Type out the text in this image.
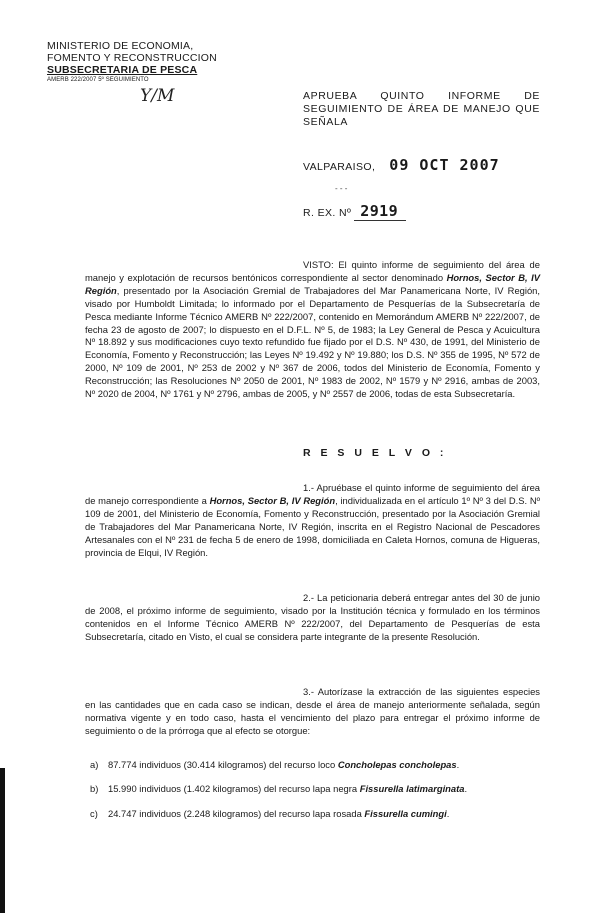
MINISTERIO DE ECONOMIA,
FOMENTO Y RECONSTRUCCION
SUBSECRETARIA DE PESCA
AMERB 222/2007 5º SEGUIMIENTO
Y/M	APRUEBA QUINTO INFORME DE SEGUIMIENTO DE ÁREA DE MANEJO QUE SEÑALA
VALPARAISO, 09 OCT 2007
- - -
R. EX. Nº 2919
VISTO: El quinto informe de seguimiento del área de manejo y explotación de recursos bentónicos correspondiente al sector denominado Hornos, Sector B, IV Región, presentado por la Asociación Gremial de Trabajadores del Mar Panamericana Norte, IV Región, visado por Humboldt Limitada; lo informado por el Departamento de Pesquerías de la Subsecretaría de Pesca mediante Informe Técnico AMERB Nº 222/2007, contenido en Memorándum AMERB Nº 222/2007, de fecha 23 de agosto de 2007; lo dispuesto en el D.F.L. Nº 5, de 1983; la Ley General de Pesca y Acuicultura Nº 18.892 y sus modificaciones cuyo texto refundido fue fijado por el D.S. Nº 430, de 1991, del Ministerio de Economía, Fomento y Reconstrucción; las Leyes Nº 19.492 y Nº 19.880; los D.S. Nº 355 de 1995, Nº 572 de 2000, Nº 109 de 2001, Nº 253 de 2002 y Nº 367 de 2006, todos del Ministerio de Economía, Fomento y Reconstrucción; las Resoluciones Nº 2050 de 2001, Nº 1983 de 2002, Nº 1579 y Nº 2916, ambas de 2003, Nº 2020 de 2004, Nº 1761 y Nº 2796, ambas de 2005, y Nº 2557 de 2006, todas de esta Subsecretaría.
R E S U E L V O :
1.- Apruébase el quinto informe de seguimiento del área de manejo correspondiente a Hornos, Sector B, IV Región, individualizada en el artículo 1º Nº 3 del D.S. Nº 109 de 2001, del Ministerio de Economía, Fomento y Reconstrucción, presentado por la Asociación Gremial de Trabajadores del Mar Panamericana Norte, IV Región, inscrita en el Registro Nacional de Pescadores Artesanales con el Nº 231 de fecha 5 de enero de 1998, domiciliada en Caleta Hornos, comuna de Higueras, provincia de Elqui, IV Región.
2.- La peticionaria deberá entregar antes del 30 de junio de 2008, el próximo informe de seguimiento, visado por la Institución técnica y formulado en los términos contenidos en el Informe Técnico AMERB Nº 222/2007, del Departamento de Pesquerías de esta Subsecretaría, citado en Visto, el cual se considera parte integrante de la presente Resolución.
3.- Autorízase la extracción de las siguientes especies en las cantidades que en cada caso se indican, desde el área de manejo anteriormente señalada, según normativa vigente y en todo caso, hasta el vencimiento del plazo para entregar el próximo informe de seguimiento o de la prórroga que al efecto se otorgue:
a) 87.774 individuos (30.414 kilogramos) del recurso loco Concholepas concholepas.
b) 15.990 individuos (1.402 kilogramos) del recurso lapa negra Fissurella latimarginata.
c) 24.747 individuos (2.248 kilogramos) del recurso lapa rosada Fissurella cumingi.
